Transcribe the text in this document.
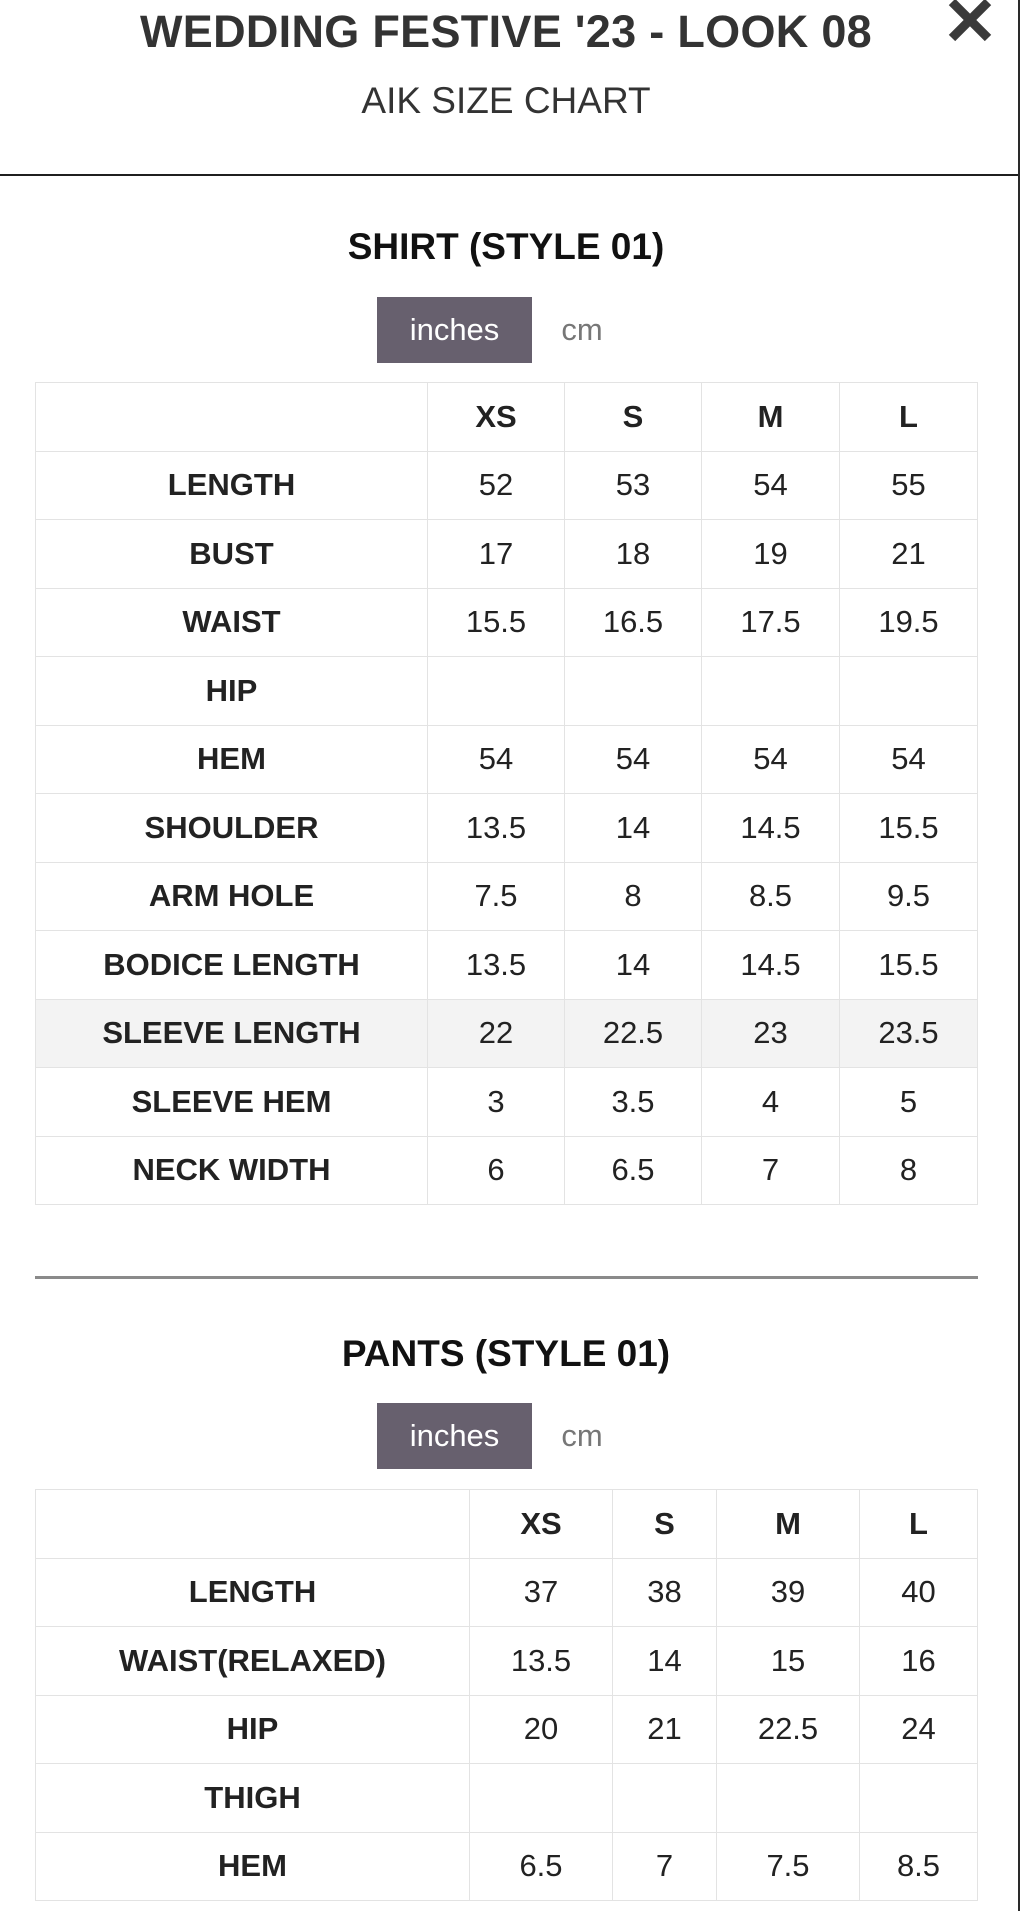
WEDDING FESTIVE '23 - LOOK 08
AIK SIZE CHART
SHIRT (STYLE 01)
inches	cm
	XS	S	M	L
LENGTH	52	53	54	55
BUST	17	18	19	21
WAIST	15.5	16.5	17.5	19.5
HIP				
HEM	54	54	54	54
SHOULDER	13.5	14	14.5	15.5
ARM HOLE	7.5	8	8.5	9.5
BODICE LENGTH	13.5	14	14.5	15.5
SLEEVE LENGTH	22	22.5	23	23.5
SLEEVE HEM	3	3.5	4	5
NECK WIDTH	6	6.5	7	8
PANTS (STYLE 01)
inches	cm
	XS	S	M	L
LENGTH	37	38	39	40
WAIST(RELAXED)	13.5	14	15	16
HIP	20	21	22.5	24
THIGH				
HEM	6.5	7	7.5	8.5
